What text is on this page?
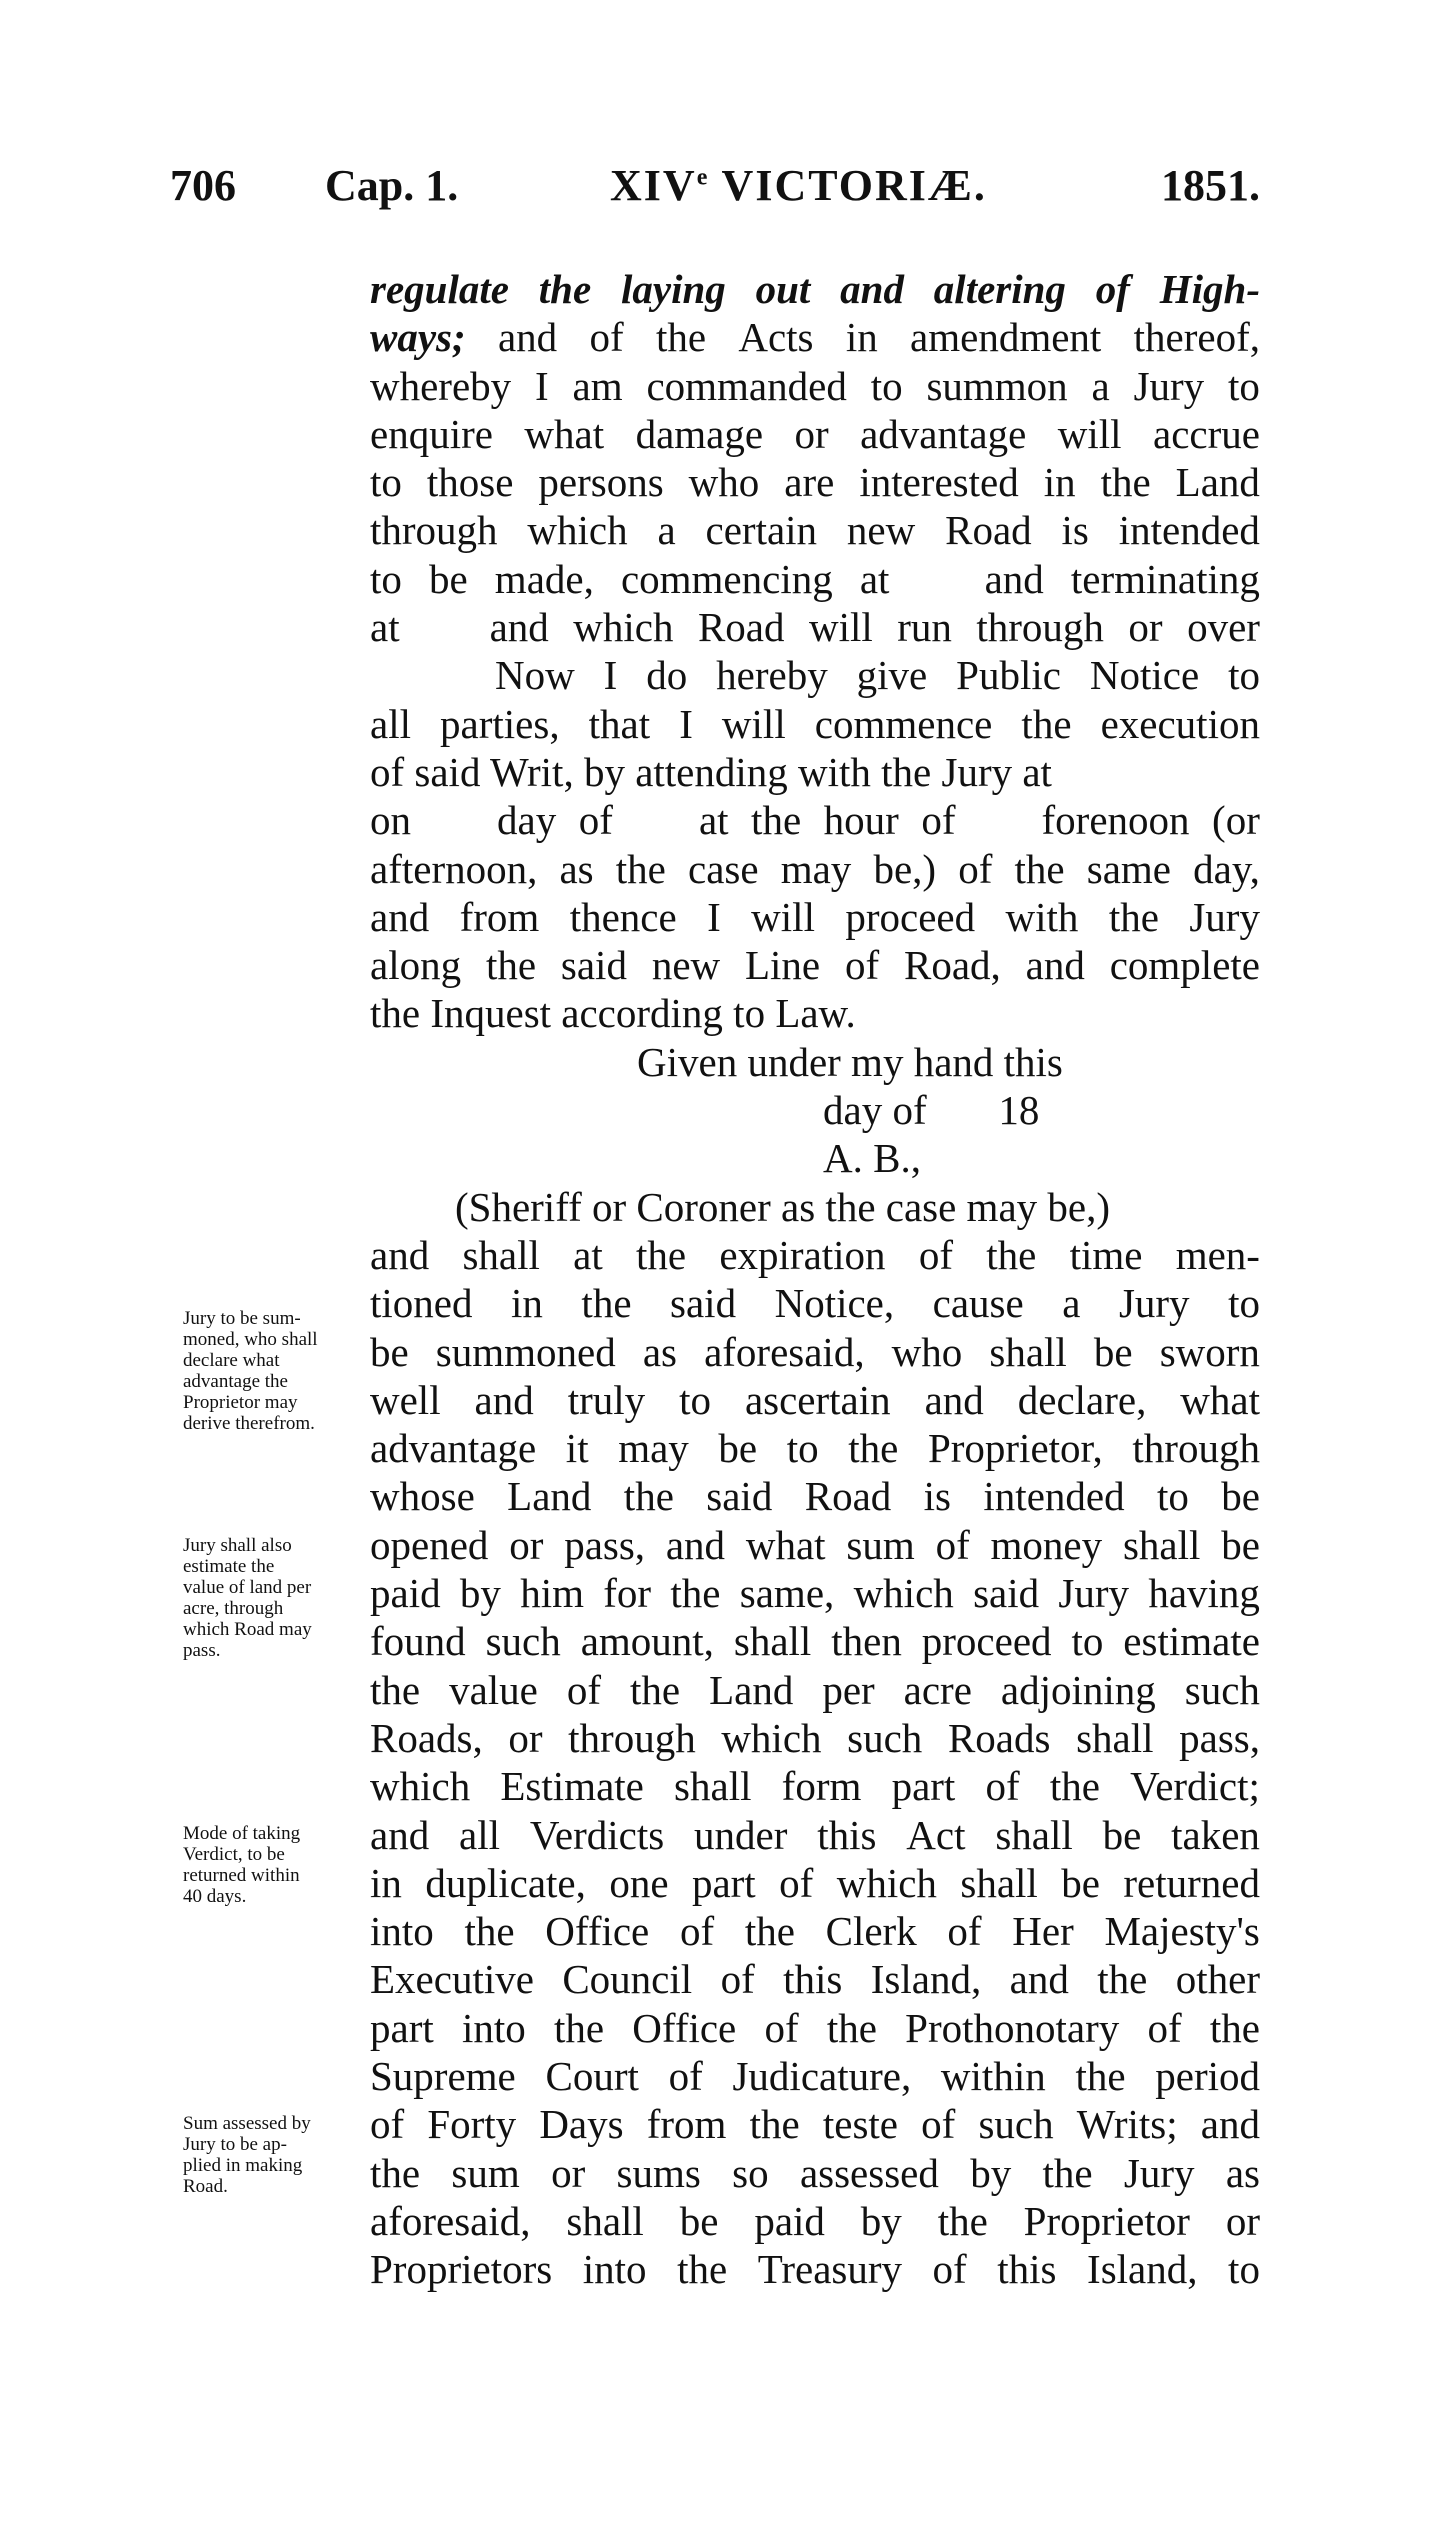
706 Cap. 1.	XIVe VICTORIÆ.	1851.
regulate the laying out and altering of High-
ways; and of the Acts in amendment thereof,
whereby I am commanded to summon a Jury to
enquire what damage or advantage will accrue
to those persons who are interested in the Land
through which a certain new Road is intended
to be made, commencing at
and terminating
at
and which Road will run through or over
Now I do hereby give Public Notice to
all parties, that I will commence the execution
of said Writ, by attending with the Jury at
on
day of
at the hour of
forenoon (or
afternoon, as the case may be,) of the same day,
and from thence I will proceed with the Jury
along the said new Line of Road, and complete
the Inquest according to Law.
Given under my hand this
day of       18
A. B.,
(Sheriff or Coroner as the case may be,)
and shall at the expiration of the time men-
tioned in the said Notice, cause a Jury to
be summoned as aforesaid, who shall be sworn
well and truly to ascertain and declare, what
advantage it may be to the Proprietor, through
whose Land the said Road is intended to be
opened or pass, and what sum of money shall be
paid by him for the same, which said Jury having
found such amount, shall then proceed to estimate
the value of the Land per acre adjoining such
Roads, or through which such Roads shall pass,
which Estimate shall form part of the Verdict;
and all Verdicts under this Act shall be taken
in duplicate, one part of which shall be returned
into the Office of the Clerk of Her Majesty's
Executive Council of this Island, and the other
part into the Office of the Prothonotary of the
Supreme Court of Judicature, within the period
of Forty Days from the teste of such Writs; and
the sum or sums so assessed by the Jury as
aforesaid, shall be paid by the Proprietor or
Proprietors into the Treasury of this Island, to
Jury to be sum-
moned, who shall
declare what
advantage the
Proprietor may
derive therefrom.
Jury shall also
estimate the
value of land per
acre, through
which Road may
pass.
Mode of taking
Verdict, to be
returned within
40 days.
Sum assessed by
Jury to be ap-
plied in making
Road.
